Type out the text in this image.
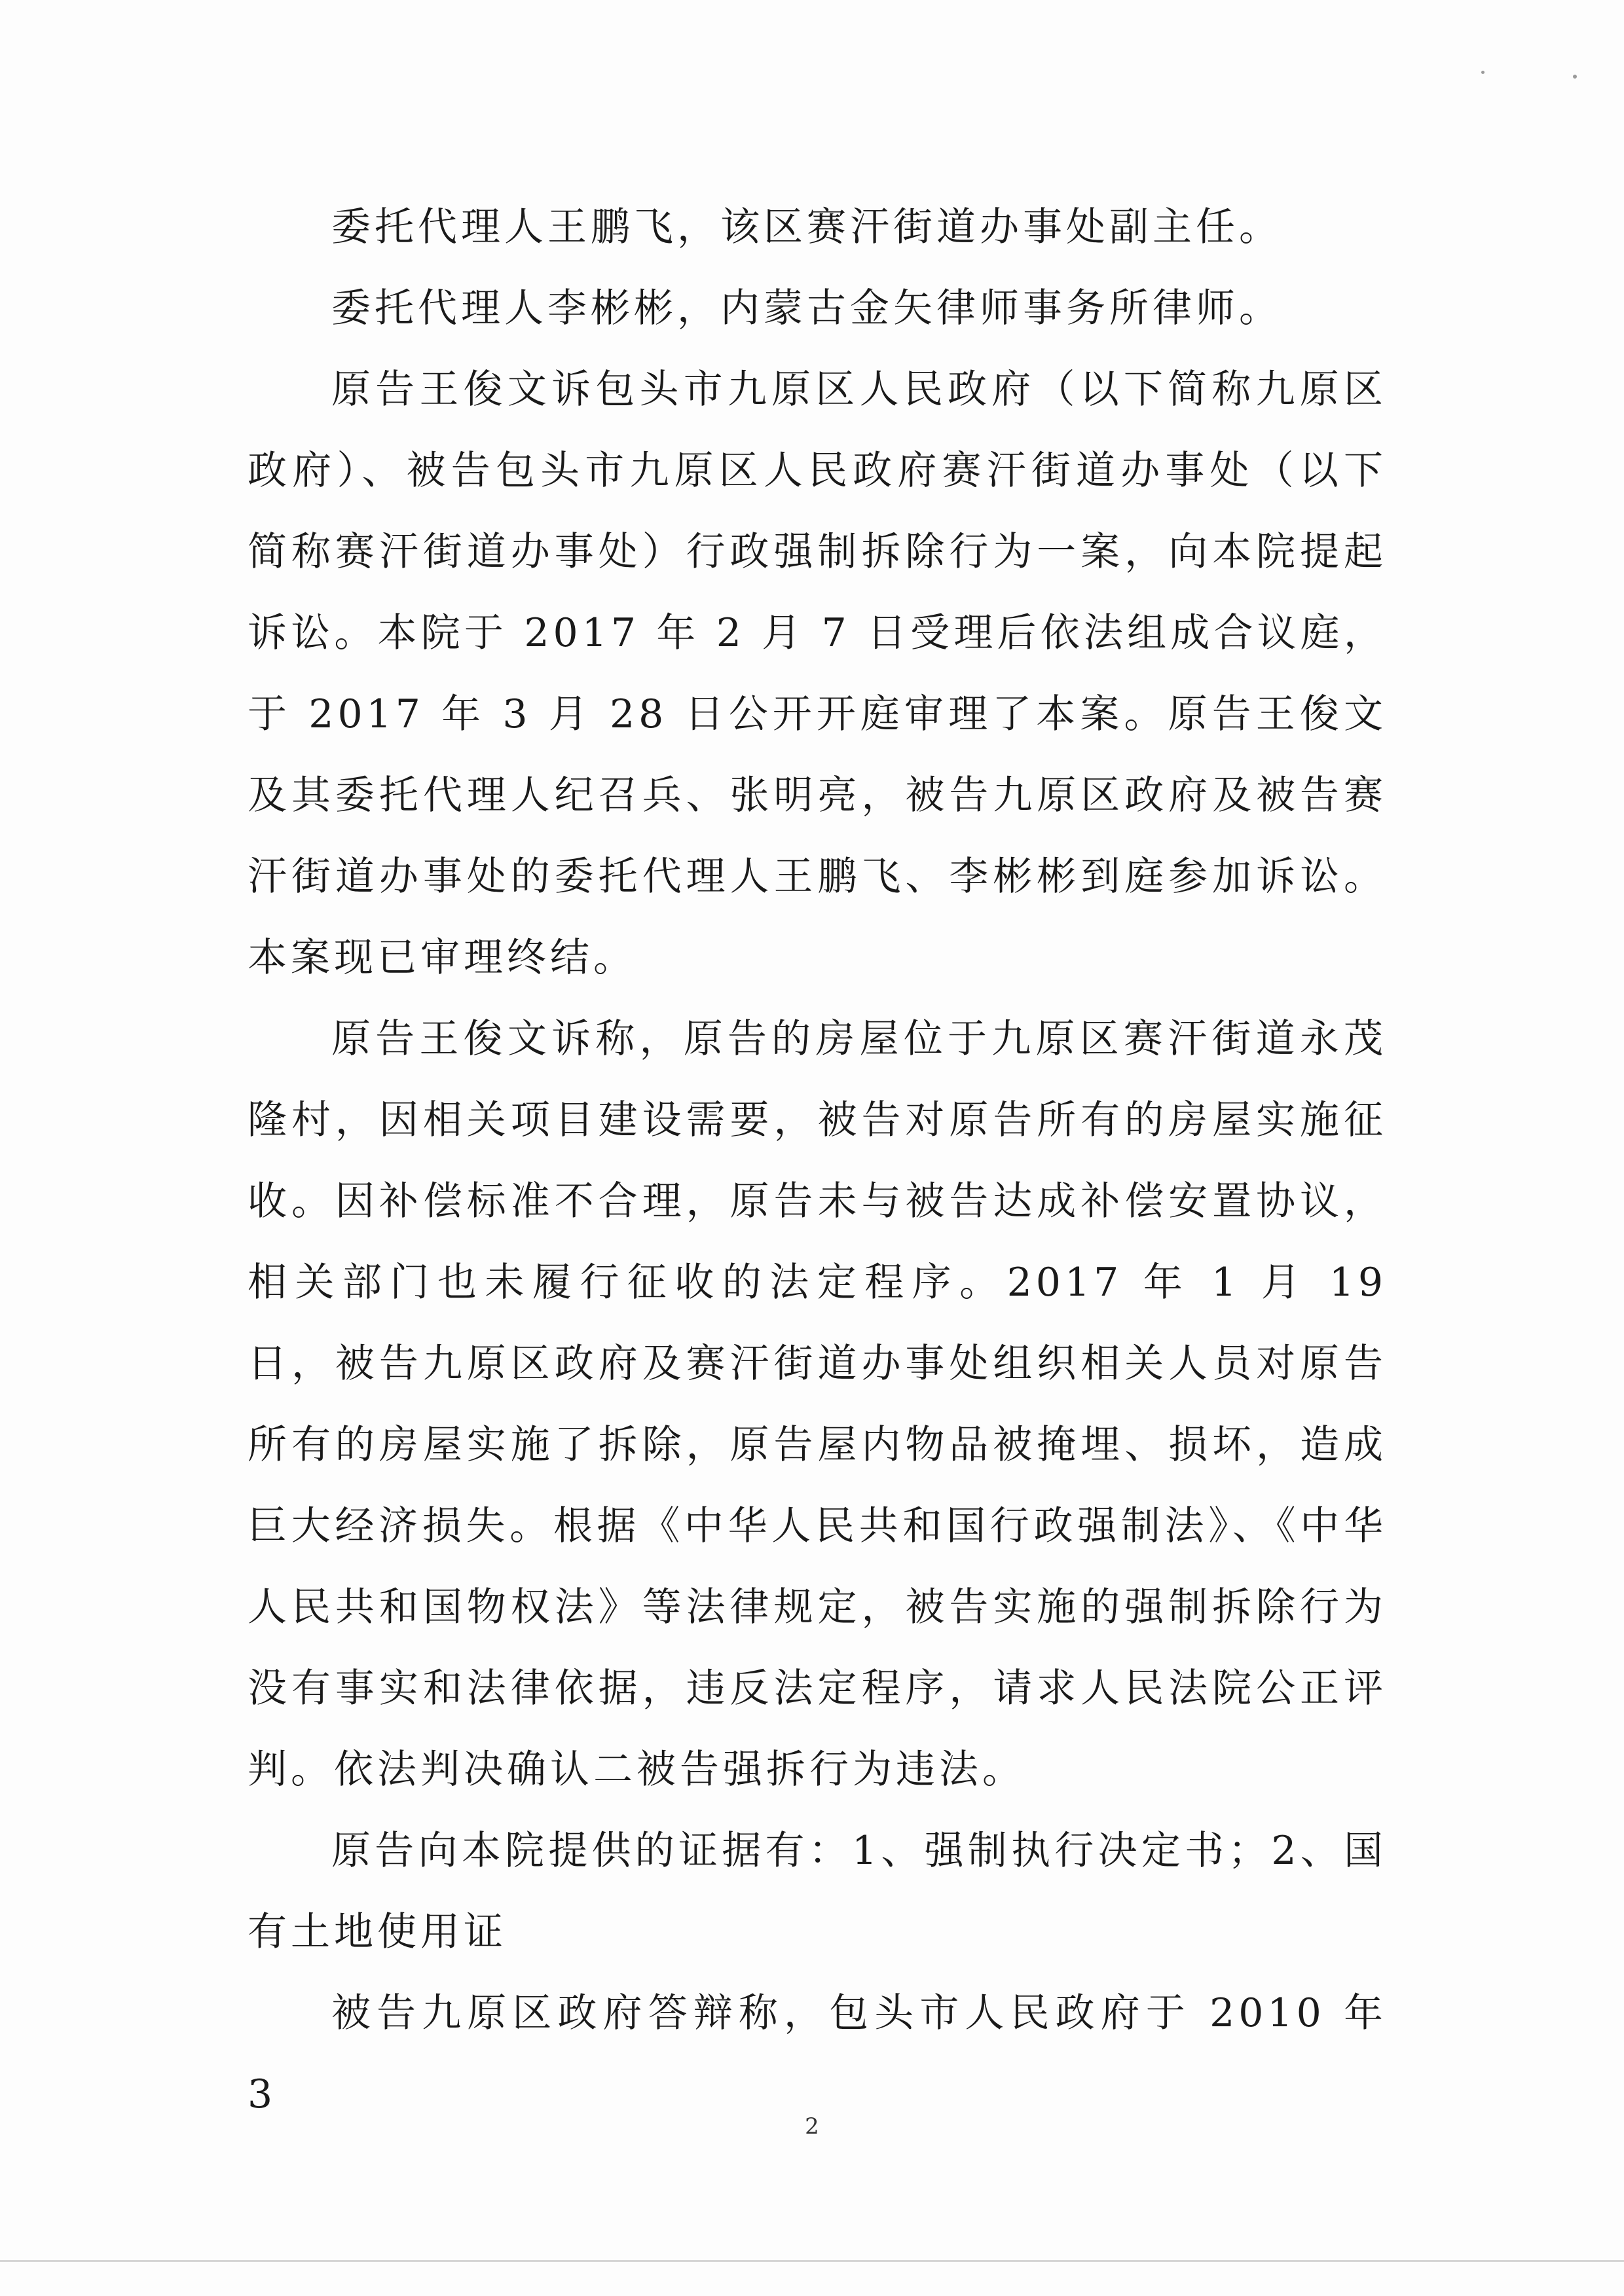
委托代理人王鹏飞，该区赛汗街道办事处副主任。

委托代理人李彬彬，内蒙古金矢律师事务所律师。

原告王俊文诉包头市九原区人民政府（以下简称九原区政府）、被告包头市九原区人民政府赛汗街道办事处（以下简称赛汗街道办事处）行政强制拆除行为一案，向本院提起诉讼。本院于 2017 年 2 月 7 日受理后依法组成合议庭，于 2017 年 3 月 28 日公开开庭审理了本案。原告王俊文及其委托代理人纪召兵、张明亮，被告九原区政府及被告赛汗街道办事处的委托代理人王鹏飞、李彬彬到庭参加诉讼。本案现已审理终结。

原告王俊文诉称，原告的房屋位于九原区赛汗街道永茂隆村，因相关项目建设需要，被告对原告所有的房屋实施征收。因补偿标准不合理，原告未与被告达成补偿安置协议，相关部门也未履行征收的法定程序。2017 年 1 月 19 日，被告九原区政府及赛汗街道办事处组织相关人员对原告所有的房屋实施了拆除，原告屋内物品被掩埋、损坏，造成巨大经济损失。根据《中华人民共和国行政强制法》、《中华人民共和国物权法》等法律规定，被告实施的强制拆除行为没有事实和法律依据，违反法定程序，请求人民法院公正评判。依法判决确认二被告强拆行为违法。

原告向本院提供的证据有：1、强制执行决定书；2、国有土地使用证

被告九原区政府答辩称，包头市人民政府于 2010 年 3

2
